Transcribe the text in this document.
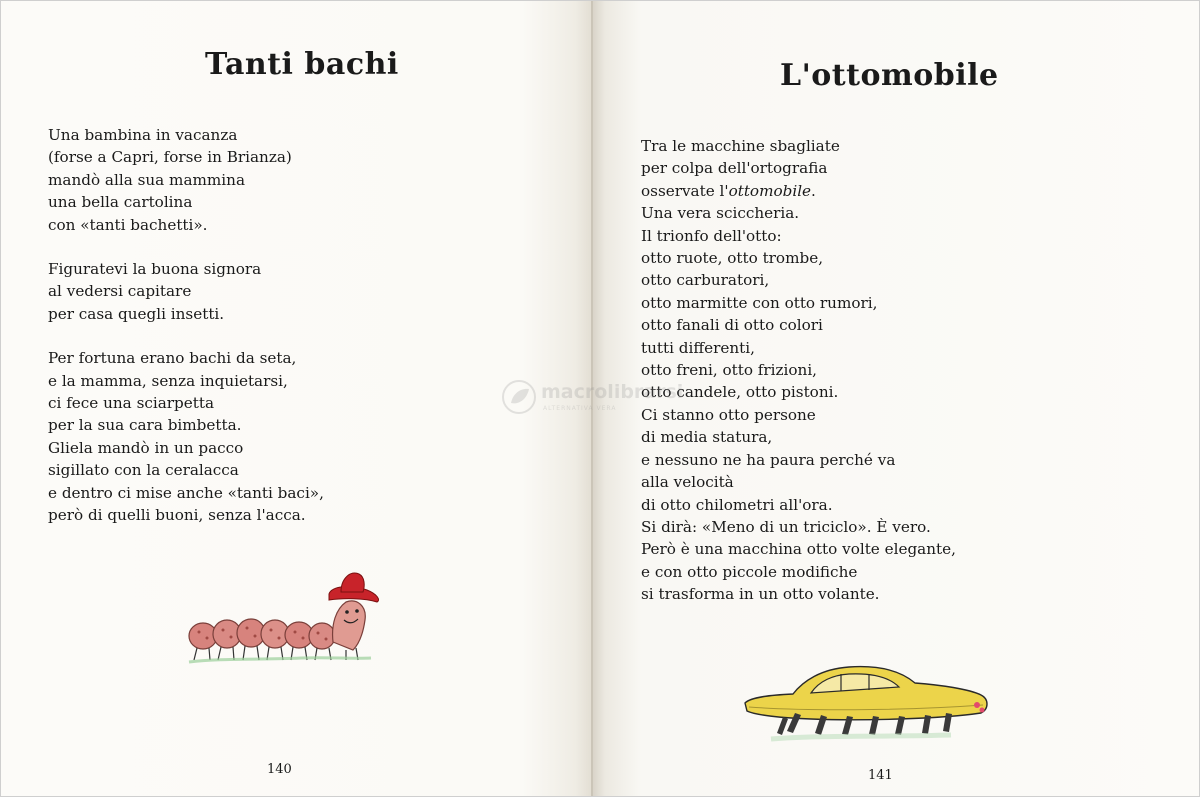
Tanti bachi
Una bambina in vacanza
(forse a Capri, forse in Brianza)
mandò alla sua mammina
una bella cartolina
con «tanti bachetti».
Figuratevi la buona signora
al vedersi capitare
per casa quegli insetti.
Per fortuna erano bachi da seta,
e la mamma, senza inquietarsi,
ci fece una sciarpetta
per la sua cara bimbetta.
Gliela mandò in un pacco
sigillato con la ceralacca
e dentro ci mise anche «tanti baci»,
però di quelli buoni, senza l'acca.
140
L'ottomobile
Tra le macchine sbagliate
per colpa dell'ortografia
osservate l'ottomobile.
Una vera sciccheria.
Il trionfo dell'otto:
otto ruote, otto trombe,
otto carburatori,
otto marmitte con otto rumori,
otto fanali di otto colori
tutti differenti,
otto freni, otto frizioni,
otto candele, otto pistoni.
Ci stanno otto persone
di media statura,
e nessuno ne ha paura perché va
alla velocità
di otto chilometri all'ora.
Si dirà: «Meno di un triciclo». È vero.
Però è una macchina otto volte elegante,
e con otto piccole modifiche
si trasforma in un otto volante.
141
macrolibrarsi
ALTERNATIVA VERA
